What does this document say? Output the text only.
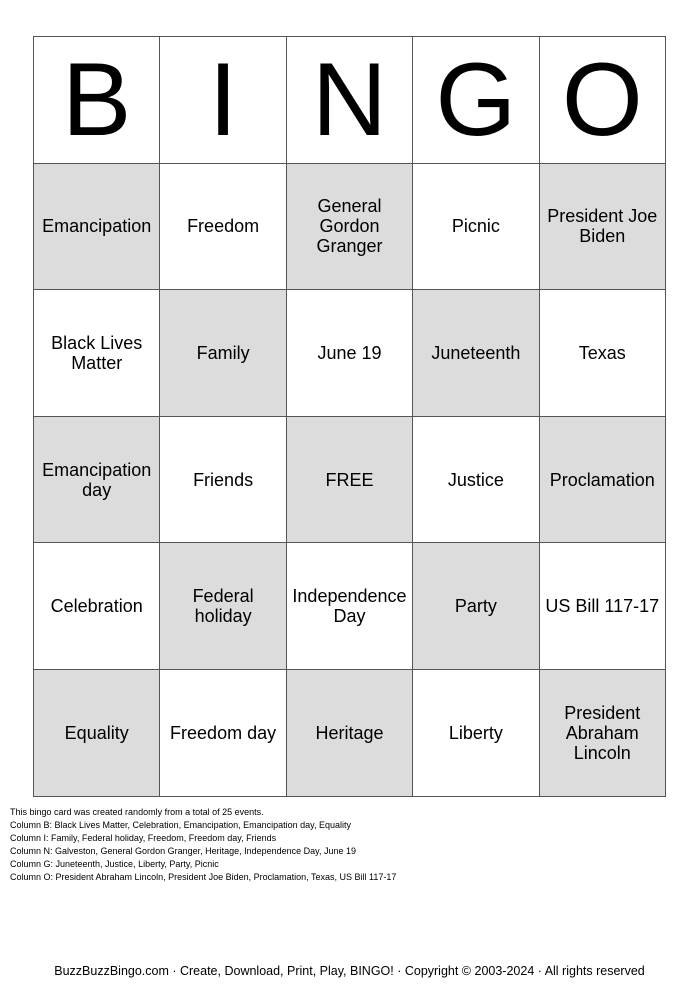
B	I	N	G	O
Emancipation	Freedom	General Gordon Granger	Picnic	President Joe Biden
Black Lives Matter	Family	June 19	Juneteenth	Texas
Emancipation day	Friends	FREE	Justice	Proclamation
Celebration	Federal holiday	Independence Day	Party	US Bill 117-17
Equality	Freedom day	Heritage	Liberty	President Abraham Lincoln
This bingo card was created randomly from a total of 25 events.
Column B: Black Lives Matter, Celebration, Emancipation, Emancipation day, Equality
Column I: Family, Federal holiday, Freedom, Freedom day, Friends
Column N: Galveston, General Gordon Granger, Heritage, Independence Day, June 19
Column G: Juneteenth, Justice, Liberty, Party, Picnic
Column O: President Abraham Lincoln, President Joe Biden, Proclamation, Texas, US Bill 117-17
BuzzBuzzBingo.com · Create, Download, Print, Play, BINGO! · Copyright © 2003-2024 · All rights reserved
